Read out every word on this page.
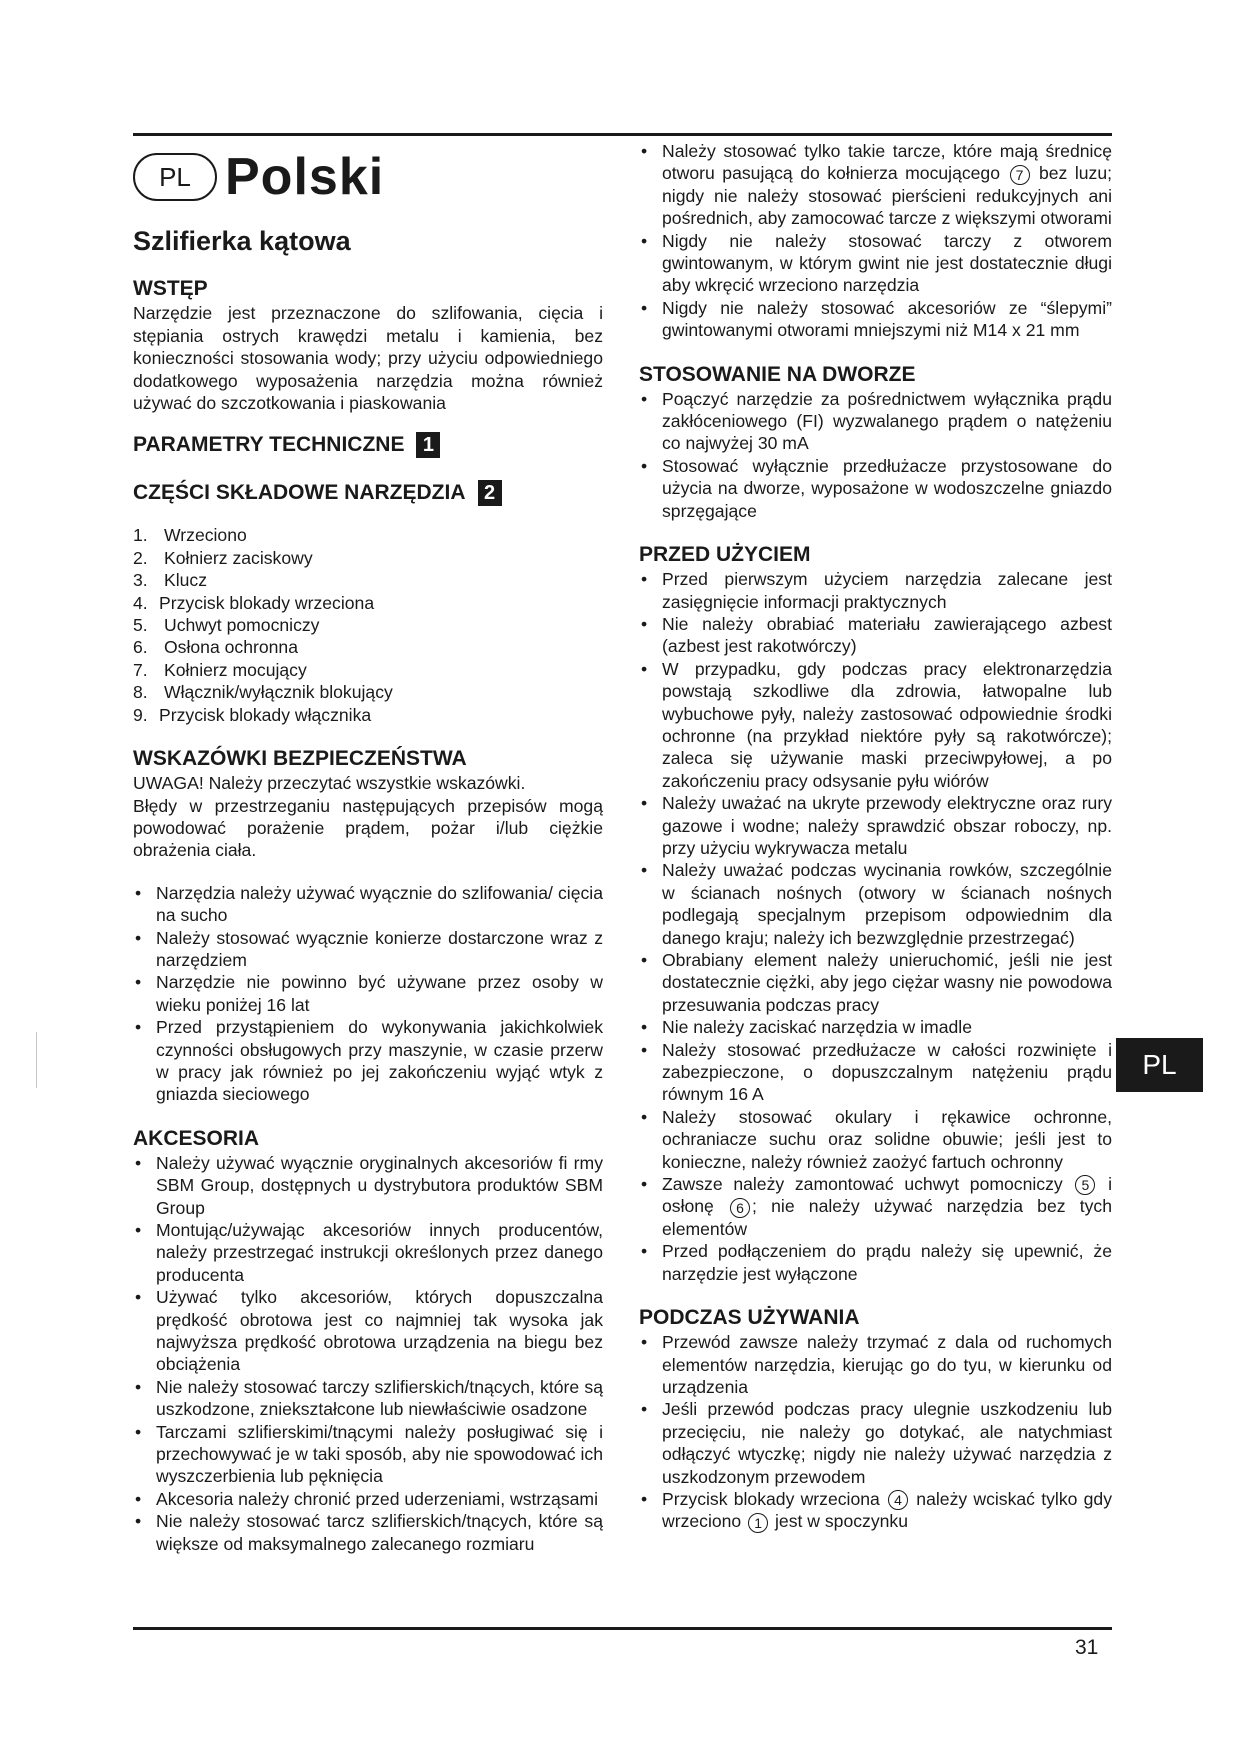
PL Polski
Szlifierka kątowa
WSTĘP
Narzędzie jest przeznaczone do szlifowania, cięcia i stępiania ostrych krawędzi metalu i kamienia, bez konieczności stosowania wody; przy użyciu odpowiedniego dodatkowego wyposażenia narzędzia można również używać do szczotkowania i piaskowania
PARAMETRY TECHNICZNE 1
CZĘŚCI SKŁADOWE NARZĘDZIA 2
1. Wrzeciono
2. Kołnierz zaciskowy
3. Klucz
4. Przycisk blokady wrzeciona
5. Uchwyt pomocniczy
6. Osłona ochronna
7. Kołnierz mocujący
8. Włącznik/wyłącznik blokujący
9. Przycisk blokady włącznika
WSKAZÓWKI BEZPIECZEŃSTWA
UWAGA! Należy przeczytać wszystkie wskazówki.
Błędy w przestrzeganiu następujących przepisów mogą powodować porażenie prądem, pożar i/lub ciężkie obrażenia ciała.
• Narzędzia należy używać wyącznie do szlifowania/ cięcia na sucho
• Należy stosować wyącznie konierze dostarczone wraz z narzędziem
• Narzędzie nie powinno być używane przez osoby w wieku poniżej 16 lat
• Przed przystąpieniem do wykonywania jakichkolwiek czynności obsługowych przy maszynie, w czasie przerw w pracy jak również po jej zakończeniu wyjąć wtyk z gniazda sieciowego
AKCESORIA
• Należy używać wyącznie oryginalnych akcesoriów fi rmy SBM Group, dostępnych u dystrybutora produktów SBM Group
• Montując/używając akcesoriów innych producentów, należy przestrzegać instrukcji określonych przez danego producenta
• Używać tylko akcesoriów, których dopuszczalna prędkość obrotowa jest co najmniej tak wysoka jak najwyższa prędkość obrotowa urządzenia na biegu bez obciążenia
• Nie należy stosować tarczy szlifierskich/tnących, które są uszkodzone, zniekształcone lub niewłaściwie osadzone
• Tarczami szlifierskimi/tnącymi należy posługiwać się i przechowywać je w taki sposób, aby nie spowodować ich wyszczerbienia lub pęknięcia
• Akcesoria należy chronić przed uderzeniami, wstrząsami
• Nie należy stosować tarcz szlifierskich/tnących, które są większe od maksymalnego zalecanego rozmiaru
• Należy stosować tylko takie tarcze, które mają średnicę otworu pasującą do kołnierza mocującego 7 bez luzu; nigdy nie należy stosować pierścieni redukcyjnych ani pośrednich, aby zamocować tarcze z większymi otworami
• Nigdy nie należy stosować tarczy z otworem gwintowanym, w którym gwint nie jest dostatecznie długi aby wkręcić wrzeciono narzędzia
• Nigdy nie należy stosować akcesoriów ze “ślepymi” gwintowanymi otworami mniejszymi niż M14 x 21 mm
STOSOWANIE NA DWORZE
• Poączyć narzędzie za pośrednictwem wyłącznika prądu zakłóceniowego (FI) wyzwalanego prądem o natężeniu co najwyżej 30 mA
• Stosować wyłącznie przedłużacze przystosowane do użycia na dworze, wyposażone w wodoszczelne gniazdo sprzęgające
PRZED UŻYCIEM
• Przed pierwszym użyciem narzędzia zalecane jest zasięgnięcie informacji praktycznych
• Nie należy obrabiać materiału zawierającego azbest (azbest jest rakotwórczy)
• W przypadku, gdy podczas pracy elektronarzędzia powstają szkodliwe dla zdrowia, łatwopalne lub wybuchowe pyły, należy zastosować odpowiednie środki ochronne (na przykład niektóre pyły są rakotwórcze); zaleca się używanie maski przeciwpyłowej, a po zakończeniu pracy odsysanie pyłu wiórów
• Należy uważać na ukryte przewody elektryczne oraz rury gazowe i wodne; należy sprawdzić obszar roboczy, np. przy użyciu wykrywacza metalu
• Należy uważać podczas wycinania rowków, szczególnie w ścianach nośnych (otwory w ścianach nośnych podlegają specjalnym przepisom odpowiednim dla danego kraju; należy ich bezwzględnie przestrzegać)
• Obrabiany element należy unieruchomić, jeśli nie jest dostatecznie ciężki, aby jego ciężar wasny nie powodowa przesuwania podczas pracy
• Nie należy zaciskać narzędzia w imadle
• Należy stosować przedłużacze w całości rozwinięte i zabezpieczone, o dopuszczalnym natężeniu prądu równym 16 A
• Należy stosować okulary i rękawice ochronne, ochraniacze suchu oraz solidne obuwie; jeśli jest to konieczne, należy również zaożyć fartuch ochronny
• Zawsze należy zamontować uchwyt pomocniczy 5 i osłonę 6 ; nie należy używać narzędzia bez tych elementów
• Przed podłączeniem do prądu należy się upewnić, że narzędzie jest wyłączone
PODCZAS UŻYWANIA
• Przewód zawsze należy trzymać z dala od ruchomych elementów narzędzia, kierując go do tyu, w kierunku od urządzenia
• Jeśli przewód podczas pracy ulegnie uszkodzeniu lub przecięciu, nie należy go dotykać, ale natychmiast odłączyć wtyczkę; nigdy nie należy używać narzędzia z uszkodzonym przewodem
• Przycisk blokady wrzeciona 4 należy wciskać tylko gdy wrzeciono 1 jest w spoczynku
PL
31
